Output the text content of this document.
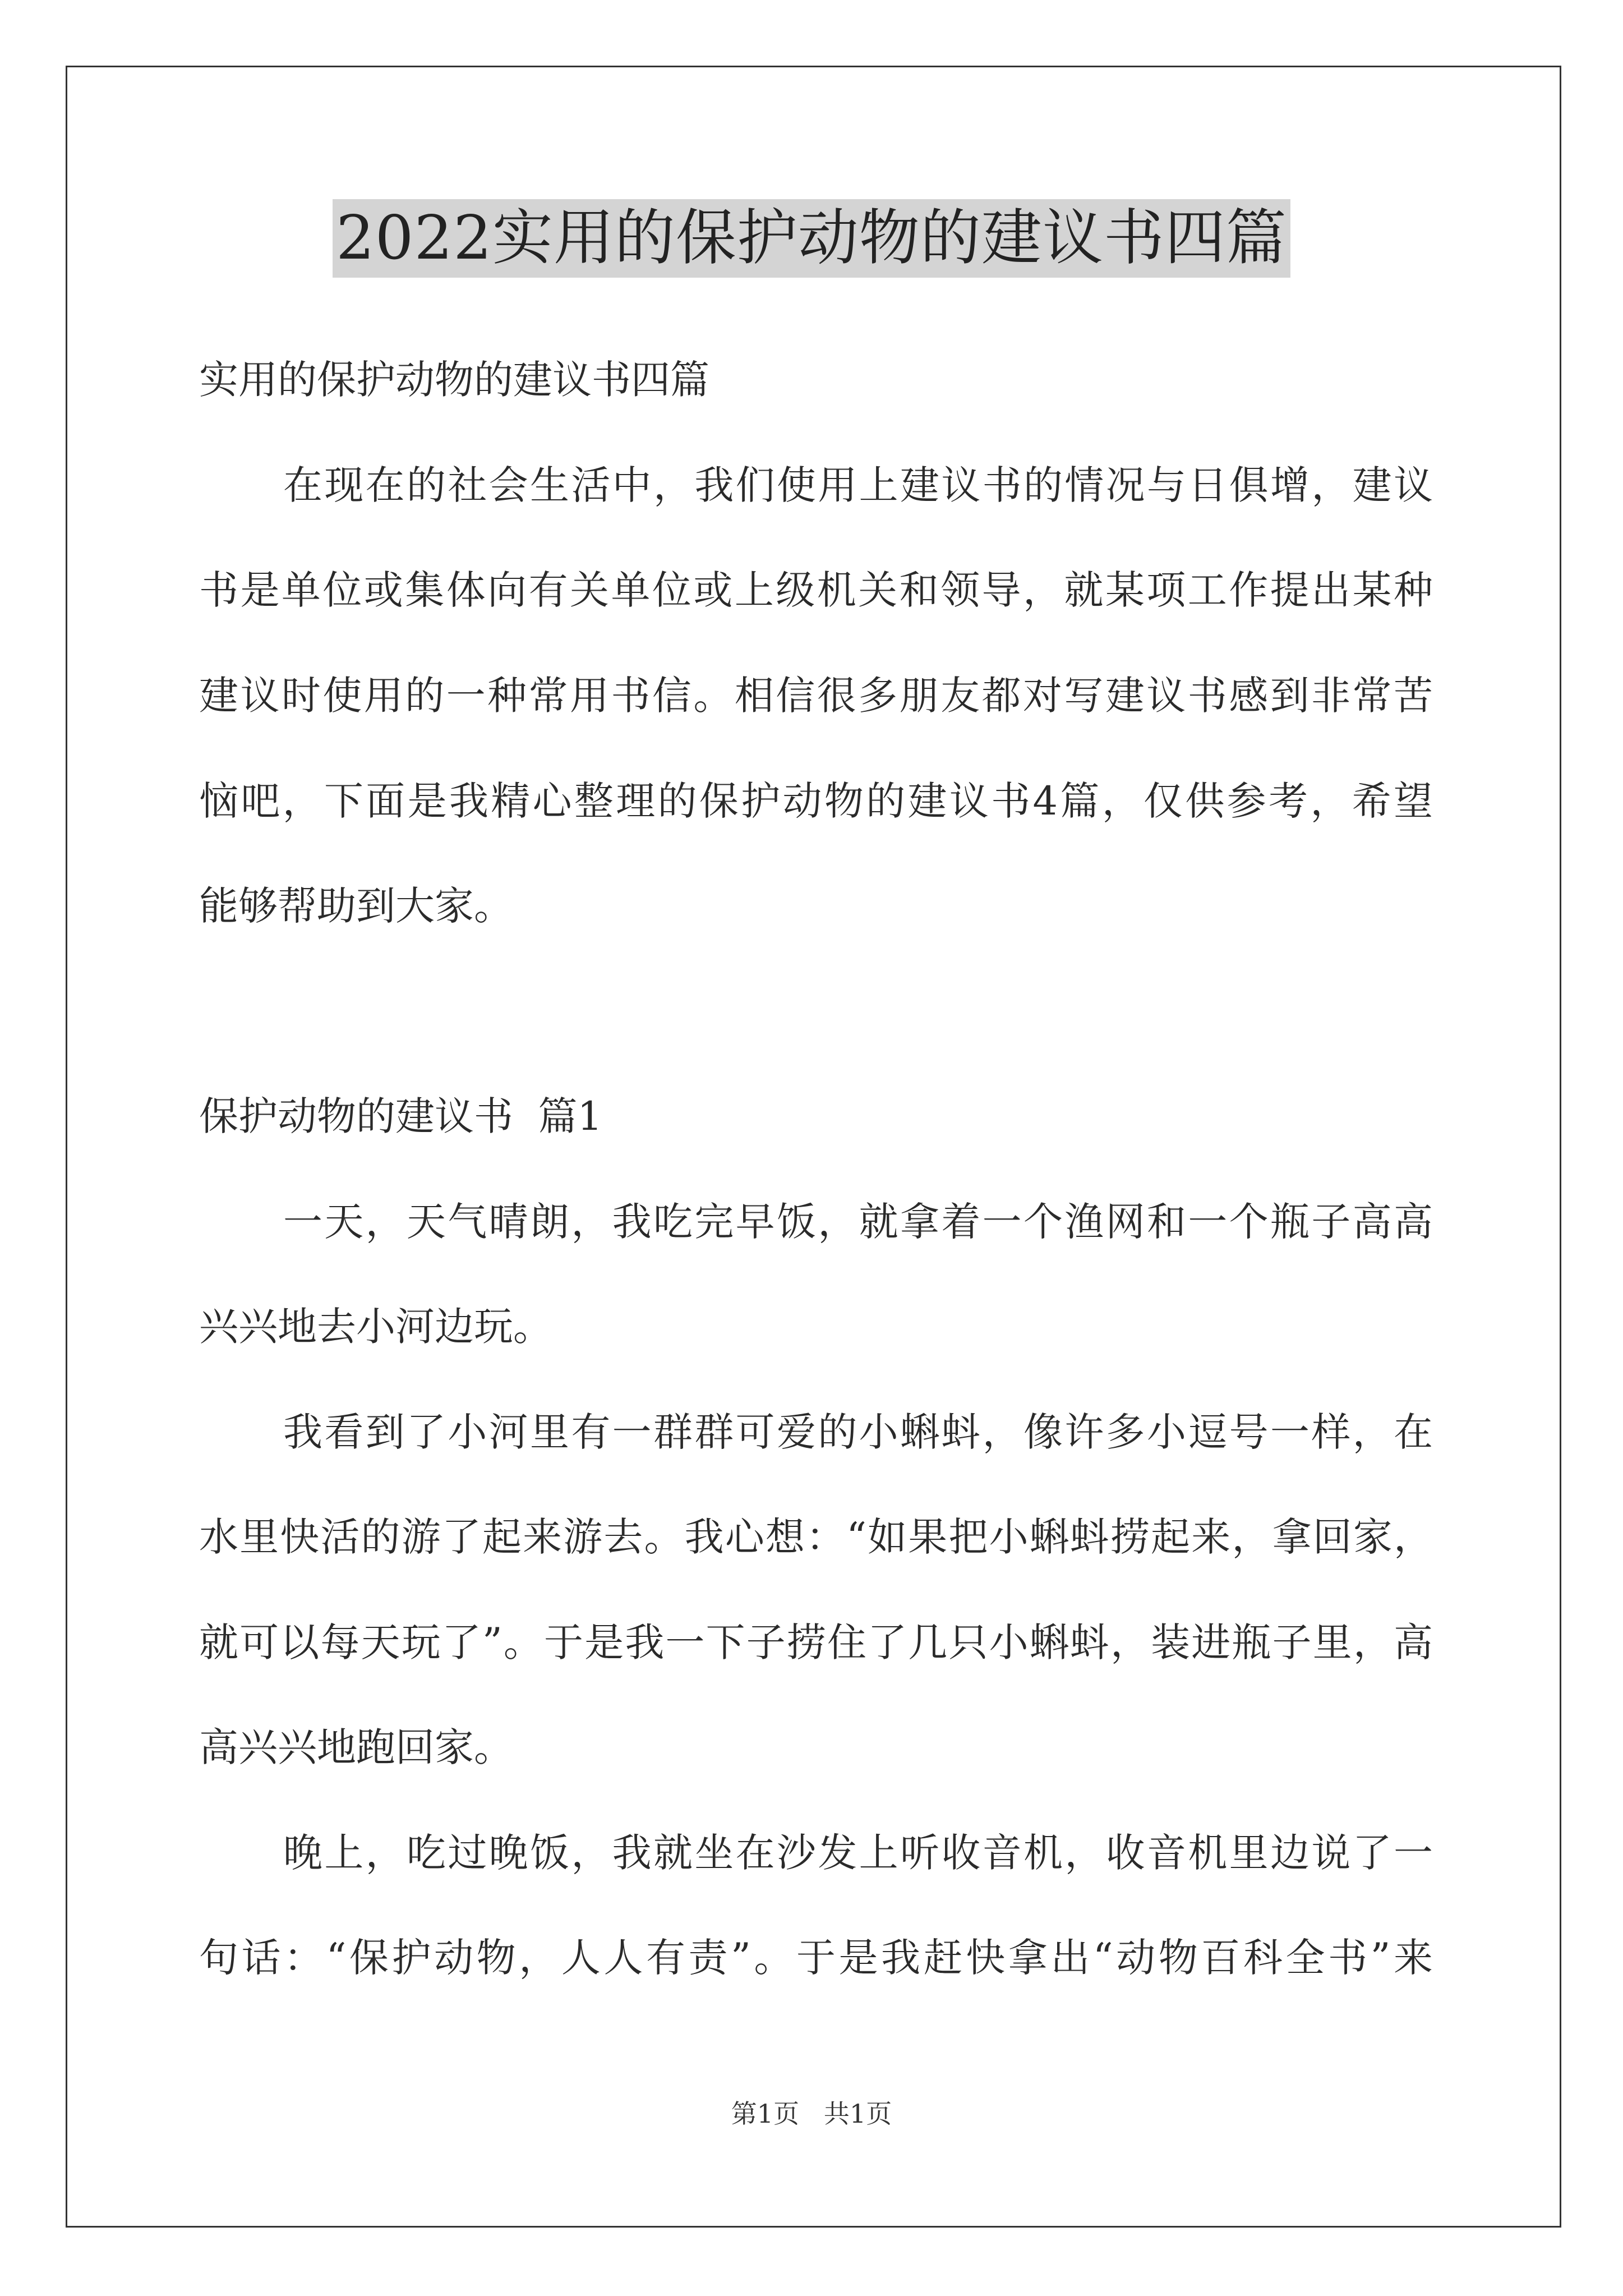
2022实用的保护动物的建议书四篇
实用的保护动物的建议书四篇
在现在的社会生活中，我们使用上建议书的情况与日俱增，建议
书是单位或集体向有关单位或上级机关和领导，就某项工作提出某种
建议时使用的一种常用书信。相信很多朋友都对写建议书感到非常苦
恼吧，下面是我精心整理的保护动物的建议书4篇，仅供参考，希望
能够帮助到大家。
保护动物的建议书  篇1
一天，天气晴朗，我吃完早饭，就拿着一个渔网和一个瓶子高高
兴兴地去小河边玩。
我看到了小河里有一群群可爱的小蝌蚪，像许多小逗号一样，在
水里快活的游了起来游去。我心想：“如果把小蝌蚪捞起来，拿回家，
就可以每天玩了”。于是我一下子捞住了几只小蝌蚪，装进瓶子里，高
高兴兴地跑回家。
晚上，吃过晚饭，我就坐在沙发上听收音机，收音机里边说了一
句话：“保护动物，人人有责”。于是我赶快拿出“动物百科全书”来
第1页   共1页
